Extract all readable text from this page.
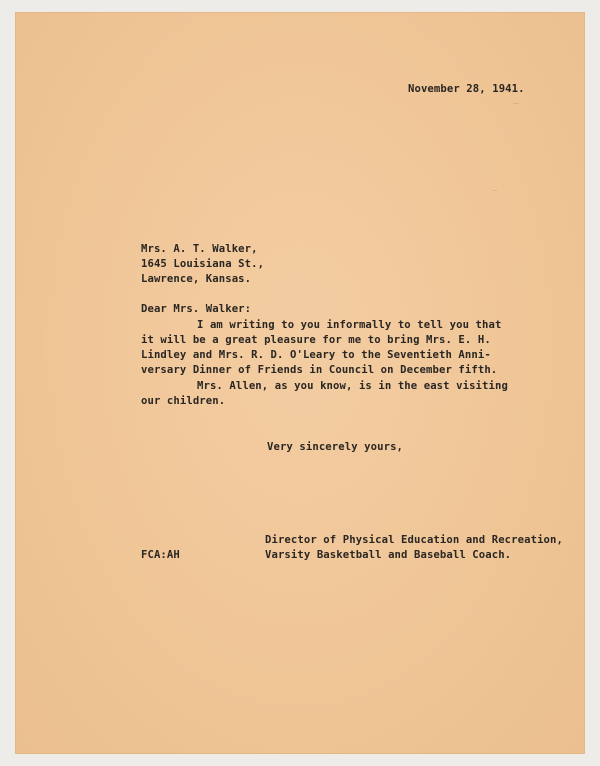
November 28, 1941.
Mrs. A. T. Walker,
1645 Louisiana St.,
Lawrence, Kansas.
Dear Mrs. Walker:
I am writing to you informally to tell you that
it will be a great pleasure for me to bring Mrs. E. H.
Lindley and Mrs. R. D. O'Leary to the Seventieth Anni-
versary Dinner of Friends in Council on December fifth.
Mrs. Allen, as you know, is in the east visiting
our children.
Very sincerely yours,
Director of Physical Education and Recreation,
Varsity Basketball and Baseball Coach.
FCA:AH
